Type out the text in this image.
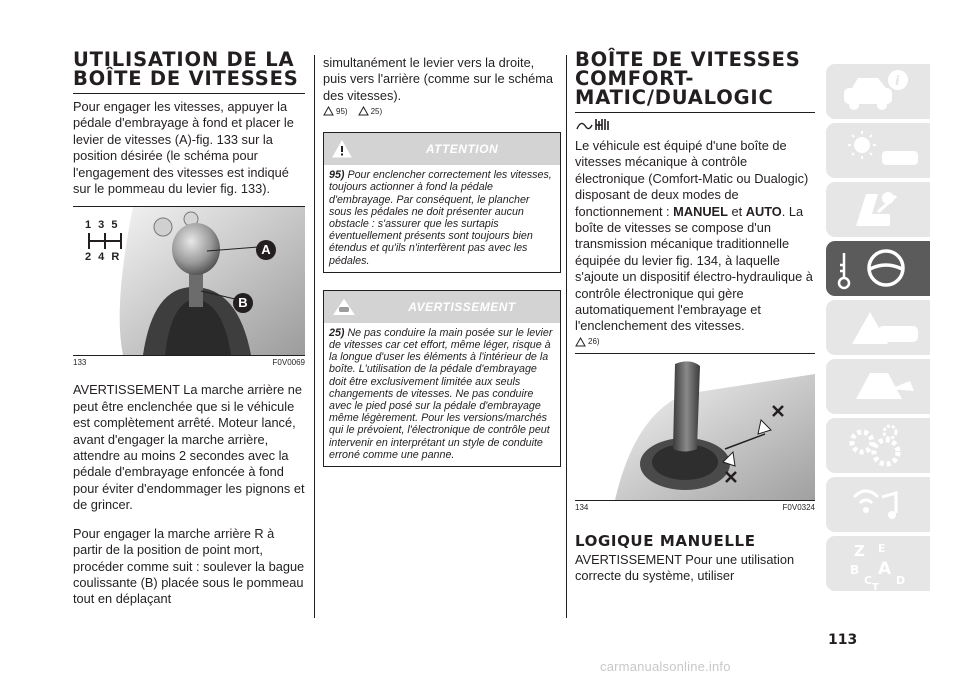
UTILISATION DE LA BOÎTE DE VITESSES

Pour engager les vitesses, appuyer la pédale d'embrayage à fond et placer le levier de vitesses (A)-fig. 133 sur la position désirée (le schéma pour l'engagement des vitesses est indiqué sur le pommeau du levier fig. 133).

1 3 5
2 4 R	A
B
133	F0V0069

AVERTISSEMENT La marche arrière ne peut être enclenchée que si le véhicule est complètement arrêté. Moteur lancé, avant d'engager la marche arrière, attendre au moins 2 secondes avec la pédale d'embrayage enfoncée à fond pour éviter d'endommager les pignons et de grincer.

Pour engager la marche arrière R à partir de la position de point mort, procéder comme suit : soulever la bague coulissante (B) placée sous le pommeau tout en déplaçant

simultanément le levier vers la droite, puis vers l'arrière (comme sur le schéma des vitesses).

95)	25)
ATTENTION
95) Pour enclencher correctement les vitesses, toujours actionner à fond la pédale d'embrayage. Par conséquent, le plancher sous les pédales ne doit présenter aucun obstacle : s'assurer que les surtapis éventuellement présents sont toujours bien étendus et qu'ils n'interfèrent pas avec les pédales.
AVERTISSEMENT
25) Ne pas conduire la main posée sur le levier de vitesses car cet effort, même léger, risque à la longue d'user les éléments à l'intérieur de la boîte. L'utilisation de la pédale d'embrayage doit être exclusivement limitée aux seuls changements de vitesses. Ne pas conduire avec le pied posé sur la pédale d'embrayage même légèrement. Pour les versions/marchés qui le prévoient, l'électronique de contrôle peut intervenir en interprétant un style de conduite erroné comme une panne.
BOÎTE DE VITESSES COMFORT-MATIC/DUALOGIC

Le véhicule est équipé d'une boîte de vitesses mécanique à contrôle électronique (Comfort-Matic ou Dualogic) disposant de deux modes de fonctionnement : MANUEL et AUTO. La boîte de vitesses se compose d'un transmission mécanique traditionnelle équipée du levier fig. 134, à laquelle s'ajoute un dispositif électro-hydraulique à contrôle électronique qui gère automatiquement l'embrayage et l'enclenchement des vitesses.

26)
134	F0V0324
LOGIQUE MANUELLE

AVERTISSEMENT Pour une utilisation correcte du système, utiliser

i
Z E
B A
C
T
D
113
carmanualsonline.info
